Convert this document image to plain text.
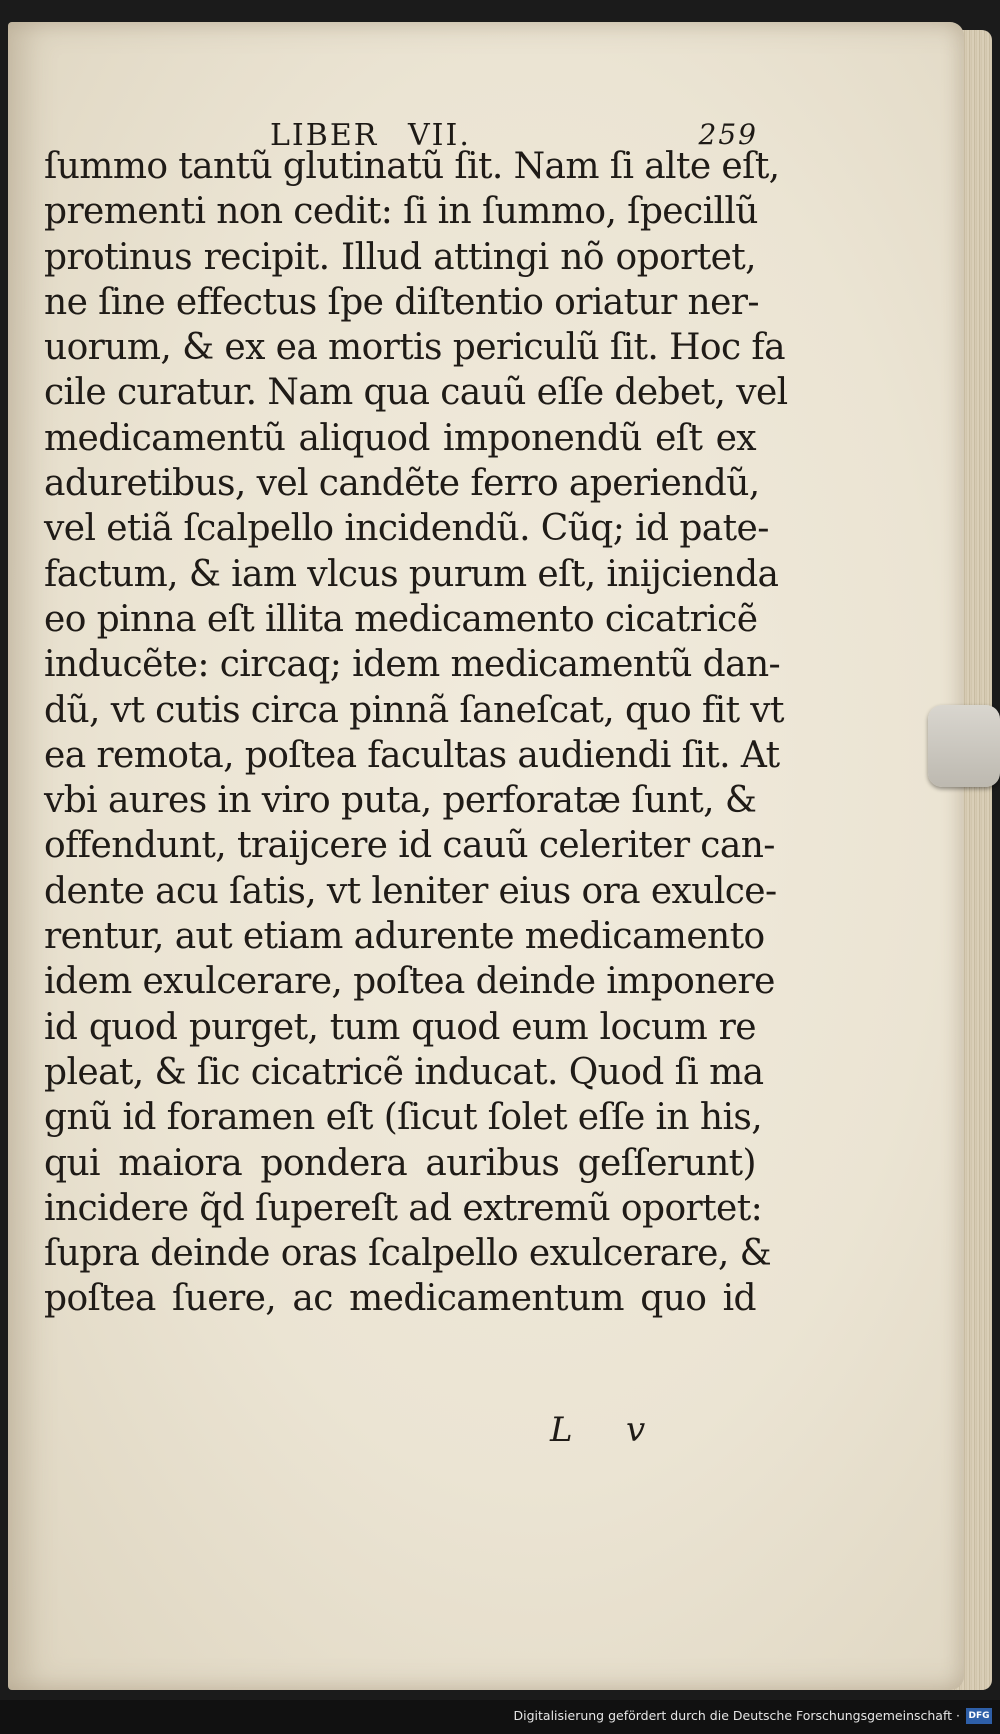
LIBER VII.	259
ſummo tantũ glutinatũ ſit. Nam ſi alte eſt,
prementi non cedit: ſi in ſummo, ſpecillũ
protinus recipit. Illud attingi nõ oportet,
ne ſine effectus ſpe diſtentio oriatur ner‑
uorum, & ex ea mortis periculũ ſit. Hoc fa
cile curatur. Nam qua cauũ eſſe debet, vel
medicamentũ aliquod imponendũ eſt ex
aduretibus, vel candẽte ferro aperiendũ,
vel etiã ſcalpello incidendũ. Cũq; id pate‑
factum, & iam vlcus purum eſt, inijcienda
eo pinna eſt illita medicamento cicatricẽ
inducẽte: circaq; idem medicamentũ dan‑
dũ, vt cutis circa pinnã ſaneſcat, quo fit vt
ea remota, poſtea facultas audiendi ſit. At
vbi aures in viro puta, perforatæ ſunt, &
offendunt, traijcere id cauũ celeriter can‑
dente acu ſatis, vt leniter eius ora exulce‑
rentur, aut etiam adurente medicamento
idem exulcerare, poſtea deinde imponere
id quod purget, tum quod eum locum re
pleat, & ſic cicatricẽ inducat. Quod ſi ma
gnũ id foramen eſt (ſicut ſolet eſſe in his,
qui maiora pondera auribus geſſerunt)
incidere q̃d ſupereſt ad extremũ oportet:
ſupra deinde oras ſcalpello exulcerare, &
poſtea ſuere, ac medicamentum quo id
L v
Digitalisierung gefördert durch die Deutsche Forschungsgemeinschaft · DFG
